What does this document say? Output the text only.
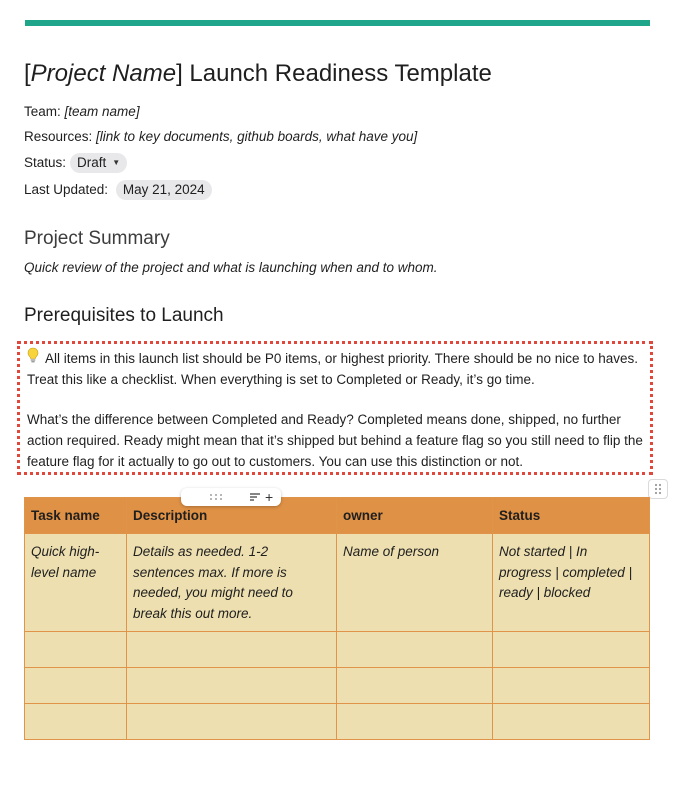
[Project Name] Launch Readiness Template
Team: [team name]
Resources: [link to key documents, github boards, what have you]
Status: Draft ▼
Last Updated: May 21, 2024
Project Summary
Quick review of the project and what is launching when and to whom.
Prerequisites to Launch

All items in this launch list should be P0 items, or highest priority. There should be no nice to haves. Treat this like a checklist. When everything is set to Completed or Ready, it’s go time.

What’s the difference between Completed and Ready? Completed means done, shipped, no further action required. Ready might mean that it’s shipped but behind a feature flag so you still need to flip the feature flag for it actually to go out to customers. You can use this distinction or not.

Task name	Description	owner	Status
Quick high-level name	Details as needed. 1-2 sentences max. If more is needed, you might need to break this out more.	Name of person	Not started | In progress | completed | ready | blocked

+
